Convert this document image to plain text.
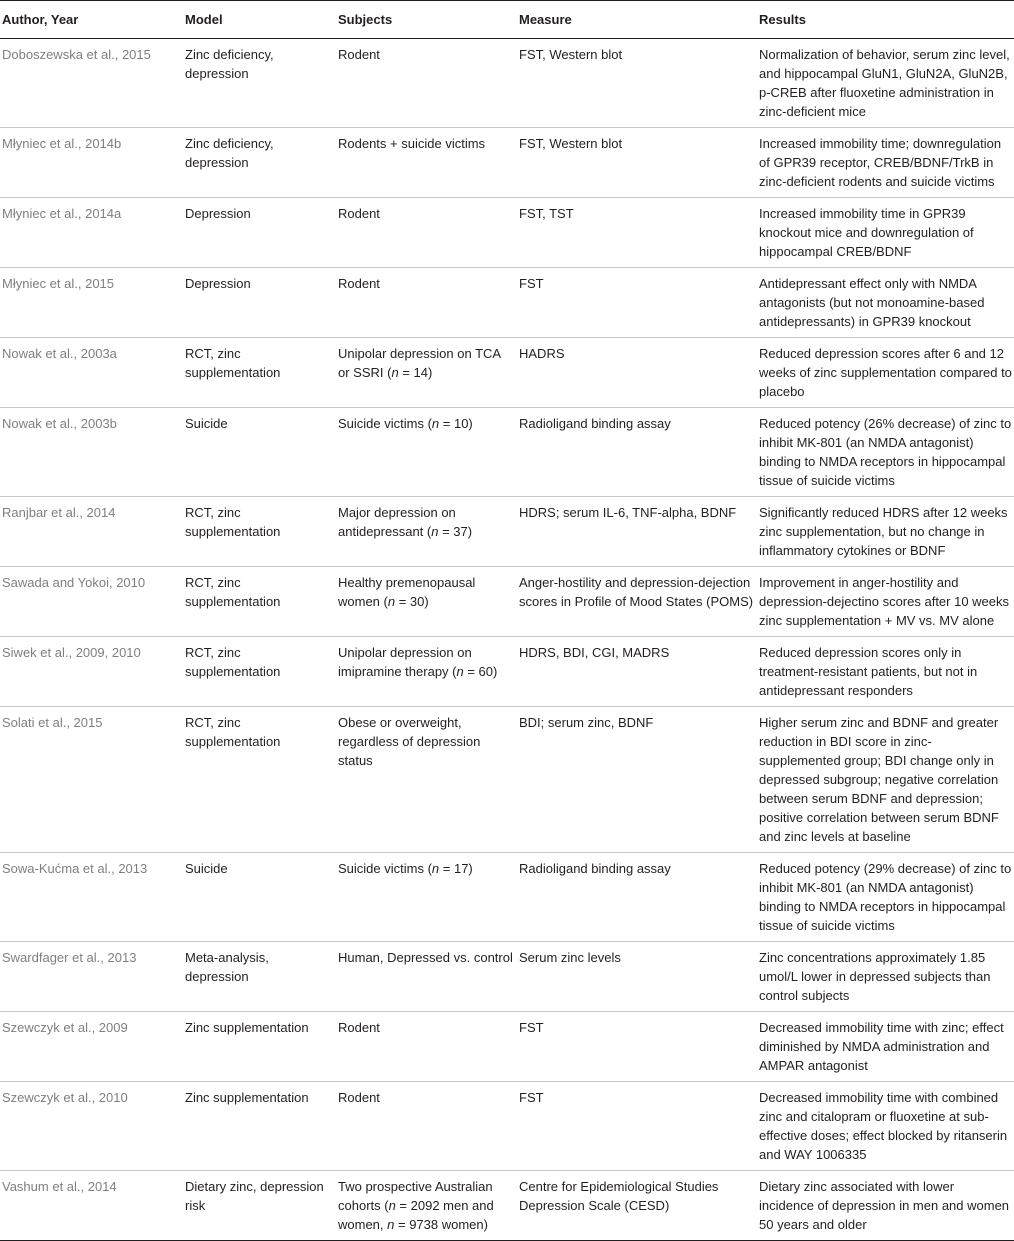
Author, Year	Model	Subjects	Measure	Results
Doboszewska et al., 2015	Zinc deficiency, depression	Rodent	FST, Western blot	Normalization of behavior, serum zinc level, and hippocampal GluN1, GluN2A, GluN2B, p-CREB after fluoxetine administration in zinc-deficient mice
Młyniec et al., 2014b	Zinc deficiency, depression	Rodents + suicide victims	FST, Western blot	Increased immobility time; downregulation of GPR39 receptor, CREB/BDNF/TrkB in zinc-deficient rodents and suicide victims
Młyniec et al., 2014a	Depression	Rodent	FST, TST	Increased immobility time in GPR39 knockout mice and downregulation of hippocampal CREB/BDNF
Młyniec et al., 2015	Depression	Rodent	FST	Antidepressant effect only with NMDA antagonists (but not monoamine-based antidepressants) in GPR39 knockout
Nowak et al., 2003a	RCT, zinc supplementation	Unipolar depression on TCA or SSRI (n = 14)	HADRS	Reduced depression scores after 6 and 12 weeks of zinc supplementation compared to placebo
Nowak et al., 2003b	Suicide	Suicide victims (n = 10)	Radioligand binding assay	Reduced potency (26% decrease) of zinc to inhibit MK-801 (an NMDA antagonist) binding to NMDA receptors in hippocampal tissue of suicide victims
Ranjbar et al., 2014	RCT, zinc supplementation	Major depression on antidepressant (n = 37)	HDRS; serum IL-6, TNF-alpha, BDNF	Significantly reduced HDRS after 12 weeks zinc supplementation, but no change in inflammatory cytokines or BDNF
Sawada and Yokoi, 2010	RCT, zinc supplementation	Healthy premenopausal women (n = 30)	Anger-hostility and depression-dejection scores in Profile of Mood States (POMS)	Improvement in anger-hostility and depression-dejectino scores after 10 weeks zinc supplementation + MV vs. MV alone
Siwek et al., 2009, 2010	RCT, zinc supplementation	Unipolar depression on imipramine therapy (n = 60)	HDRS, BDI, CGI, MADRS	Reduced depression scores only in treatment-resistant patients, but not in antidepressant responders
Solati et al., 2015	RCT, zinc supplementation	Obese or overweight, regardless of depression status	BDI; serum zinc, BDNF	Higher serum zinc and BDNF and greater reduction in BDI score in zinc-supplemented group; BDI change only in depressed subgroup; negative correlation between serum BDNF and depression; positive correlation between serum BDNF and zinc levels at baseline
Sowa-Kućma et al., 2013	Suicide	Suicide victims (n = 17)	Radioligand binding assay	Reduced potency (29% decrease) of zinc to inhibit MK-801 (an NMDA antagonist) binding to NMDA receptors in hippocampal tissue of suicide victims
Swardfager et al., 2013	Meta-analysis, depression	Human, Depressed vs. control	Serum zinc levels	Zinc concentrations approximately 1.85 umol/L lower in depressed subjects than control subjects
Szewczyk et al., 2009	Zinc supplementation	Rodent	FST	Decreased immobility time with zinc; effect diminished by NMDA administration and AMPAR antagonist
Szewczyk et al., 2010	Zinc supplementation	Rodent	FST	Decreased immobility time with combined zinc and citalopram or fluoxetine at sub-effective doses; effect blocked by ritanserin and WAY 1006335
Vashum et al., 2014	Dietary zinc, depression risk	Two prospective Australian cohorts (n = 2092 men and women, n = 9738 women)	Centre for Epidemiological Studies Depression Scale (CESD)	Dietary zinc associated with lower incidence of depression in men and women 50 years and older
